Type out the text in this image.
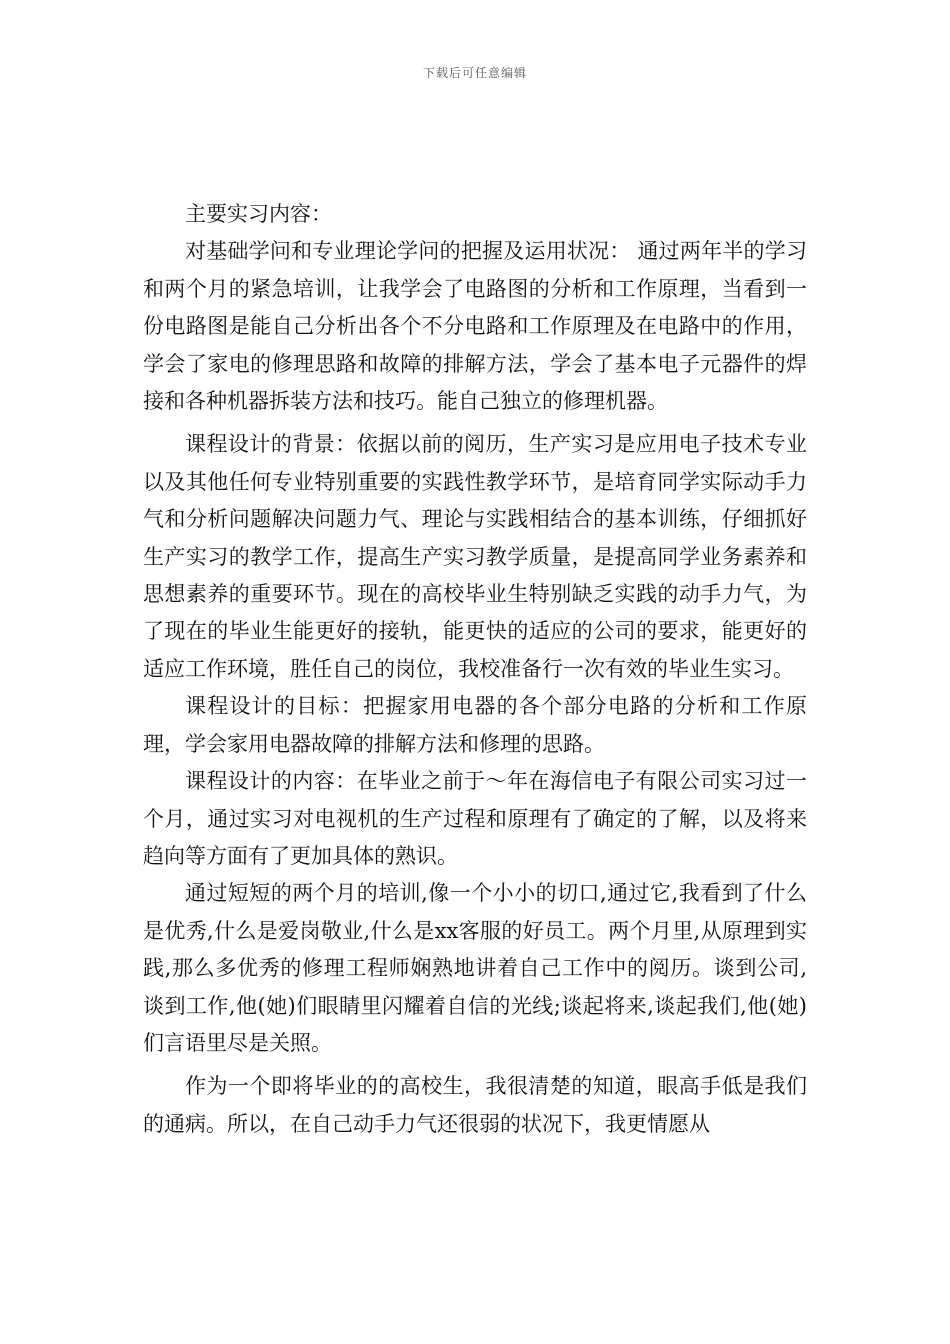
下载后可任意编辑

主要实习内容：

对基础学问和专业理论学问的把握及运用状况： 通过两年半的学习和两个月的紧急培训，让我学会了电路图的分析和工作原理，当看到一份电路图是能自己分析出各个不分电路和工作原理及在电路中的作用，学会了家电的修理思路和故障的排解方法，学会了基本电子元器件的焊接和各种机器拆装方法和技巧。能自己独立的修理机器。

课程设计的背景：依据以前的阅历，生产实习是应用电子技术专业以及其他任何专业特别重要的实践性教学环节，是培育同学实际动手力气和分析问题解决问题力气、理论与实践相结合的基本训练，仔细抓好生产实习的教学工作，提高生产实习教学质量，是提高同学业务素养和思想素养的重要环节。现在的高校毕业生特别缺乏实践的动手力气，为了现在的毕业生能更好的接轨，能更快的适应的公司的要求，能更好的适应工作环境，胜任自己的岗位，我校准备行一次有效的毕业生实习。

课程设计的目标：把握家用电器的各个部分电路的分析和工作原理，学会家用电器故障的排解方法和修理的思路。

课程设计的内容：在毕业之前于～年在海信电子有限公司实习过一个月，通过实习对电视机的生产过程和原理有了确定的了解，以及将来趋向等方面有了更加具体的熟识。

通过短短的两个月的培训,像一个小小的切口,通过它,我看到了什么是优秀,什么是爱岗敬业,什么是xx客服的好员工。两个月里,从原理到实践,那么多优秀的修理工程师娴熟地讲着自己工作中的阅历。谈到公司,谈到工作,他(她)们眼睛里闪耀着自信的光线;谈起将来,谈起我们,他(她)们言语里尽是关照。

作为一个即将毕业的的高校生，我很清楚的知道，眼高手低是我们的通病。所以，在自己动手力气还很弱的状况下，我更情愿从
